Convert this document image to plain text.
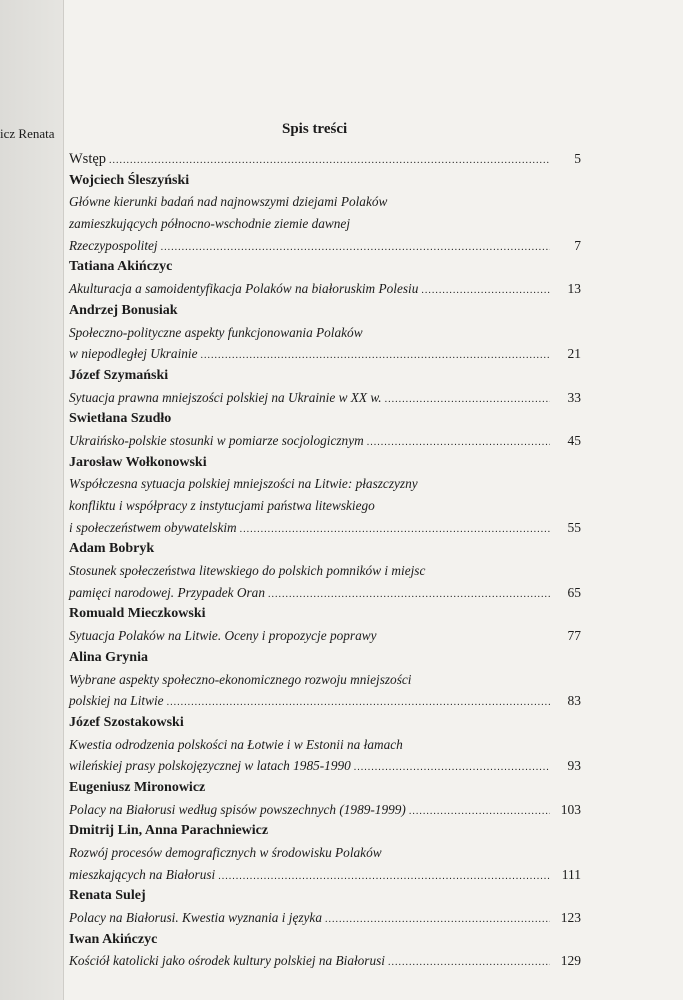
icz Renata	Spis treści
Wstęp .....	5
Wojciech Śleszyński
Główne kierunki badań nad najnowszymi dziejami Polaków
zamieszkujących północno-wschodnie ziemie dawnej
Rzeczypospolitej .....	7
Tatiana Akińczyc
Akulturacja a samoidentyfikacja Polaków na białoruskim Polesiu .....	13
Andrzej Bonusiak
Społeczno-polityczne aspekty funkcjonowania Polaków
w niepodległej Ukrainie .....	21
Józef Szymański
Sytuacja prawna mniejszości polskiej na Ukrainie w XX w. .....	33
Swietłana Szudło
Ukraińsko-polskie stosunki w pomiarze socjologicznym .....	45
Jarosław Wołkonowski
Współczesna sytuacja polskiej mniejszości na Litwie: płaszczyzny
konfliktu i współpracy z instytucjami państwa litewskiego
i społeczeństwem obywatelskim .....	55
Adam Bobryk
Stosunek społeczeństwa litewskiego do polskich pomników i miejsc
pamięci narodowej. Przypadek Oran .....	65
Romuald Mieczkowski
Sytuacja Polaków na Litwie. Oceny i propozycje poprawy	77
Alina Grynia
Wybrane aspekty społeczno-ekonomicznego rozwoju mniejszości
polskiej na Litwie .....	83
Józef Szostakowski
Kwestia odrodzenia polskości na Łotwie i w Estonii na łamach
wileńskiej prasy polskojęzycznej w latach 1985-1990 .....	93
Eugeniusz Mironowicz
Polacy na Białorusi według spisów powszechnych (1989-1999) .....	103
Dmitrij Lin, Anna Parachniewicz
Rozwój procesów demograficznych w środowisku Polaków
mieszkających na Białorusi .....	111
Renata Sulej
Polacy na Białorusi. Kwestia wyznania i języka .....	123
Iwan Akińczyc
Kościół katolicki jako ośrodek kultury polskiej na Białorusi .....	129
